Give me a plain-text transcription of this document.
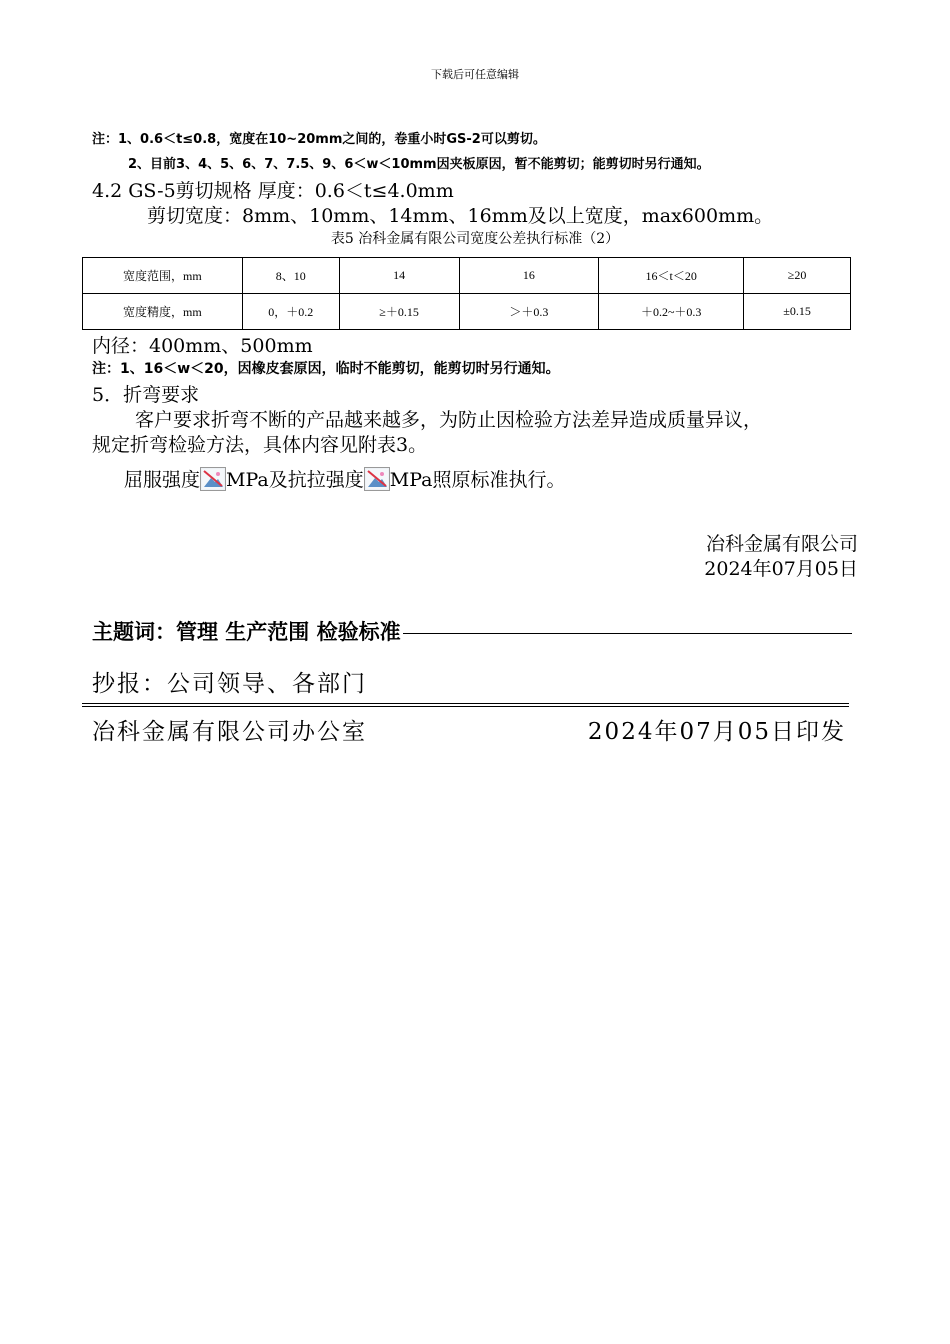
下载后可任意编辑
注：1、0.6＜t≤0.8，宽度在10~20mm之间的，卷重小时GS-2可以剪切。
2、目前3、4、5、6、7、7.5、9、6＜w＜10mm因夹板原因，暂不能剪切；能剪切时另行通知。
4.2 GS-5剪切规格 厚度：0.6＜t≤4.0mm
剪切宽度：8mm、10mm、14mm、16mm及以上宽度，max600mm。
表5 冶科金属有限公司宽度公差执行标准（2）
宽度范围，mm	8、10	14	16	16＜t＜20	≥20
宽度精度，mm	0，＋0.2	≥＋0.15	＞＋0.3	＋0.2~＋0.3	±0.15
内径：400mm、500mm
注：1、16＜w＜20，因橡皮套原因，临时不能剪切，能剪切时另行通知。
5．折弯要求
客户要求折弯不断的产品越来越多，为防止因检验方法差异造成质量异议，
规定折弯检验方法，具体内容见附表3。
屈服强度 MPa及抗拉强度 MPa照原标准执行。
冶科金属有限公司
2024年07月05日
主题词：管理 生产范围 检验标准
抄报：公司领导、各部门
冶科金属有限公司办公室	2024年07月05日印发
